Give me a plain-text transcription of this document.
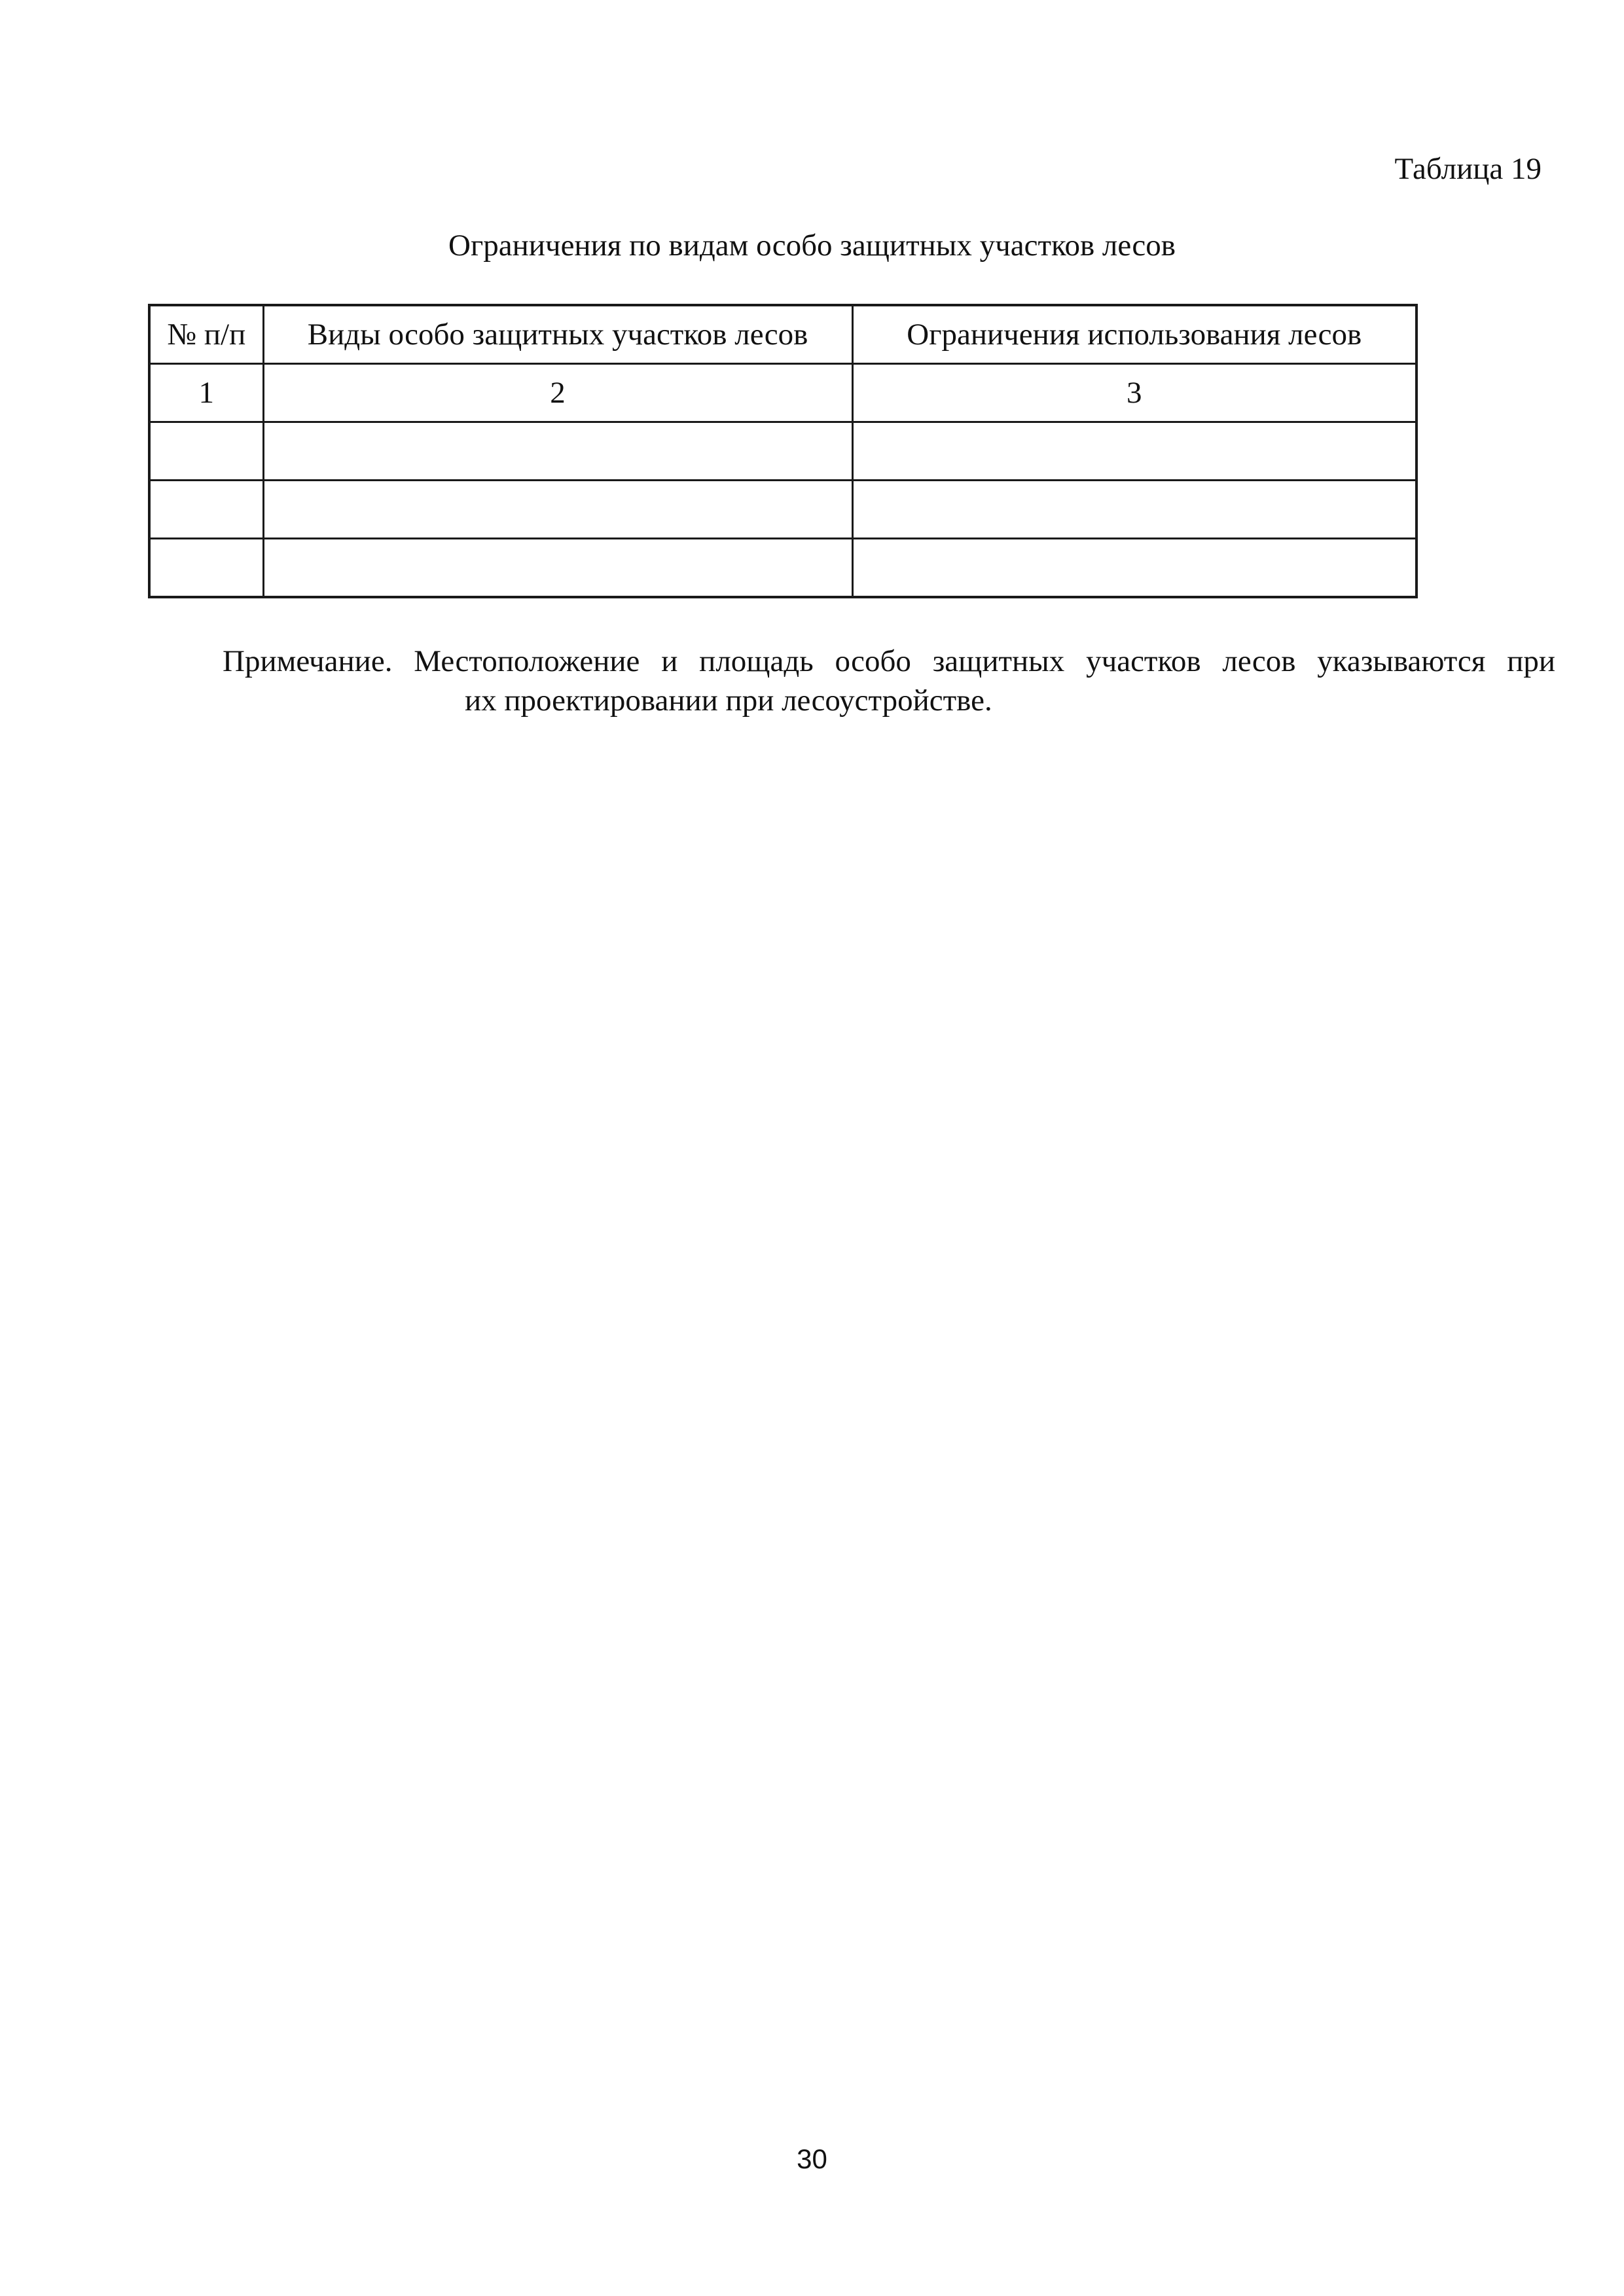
Таблица 19
Ограничения по видам особо защитных участков лесов
№ п/п	Виды особо защитных участков лесов	Ограничения использования лесов
1	2	3

Примечание. Местоположение и площадь особо защитных участков лесов указываются при
их проектировании при лесоустройстве.
30
